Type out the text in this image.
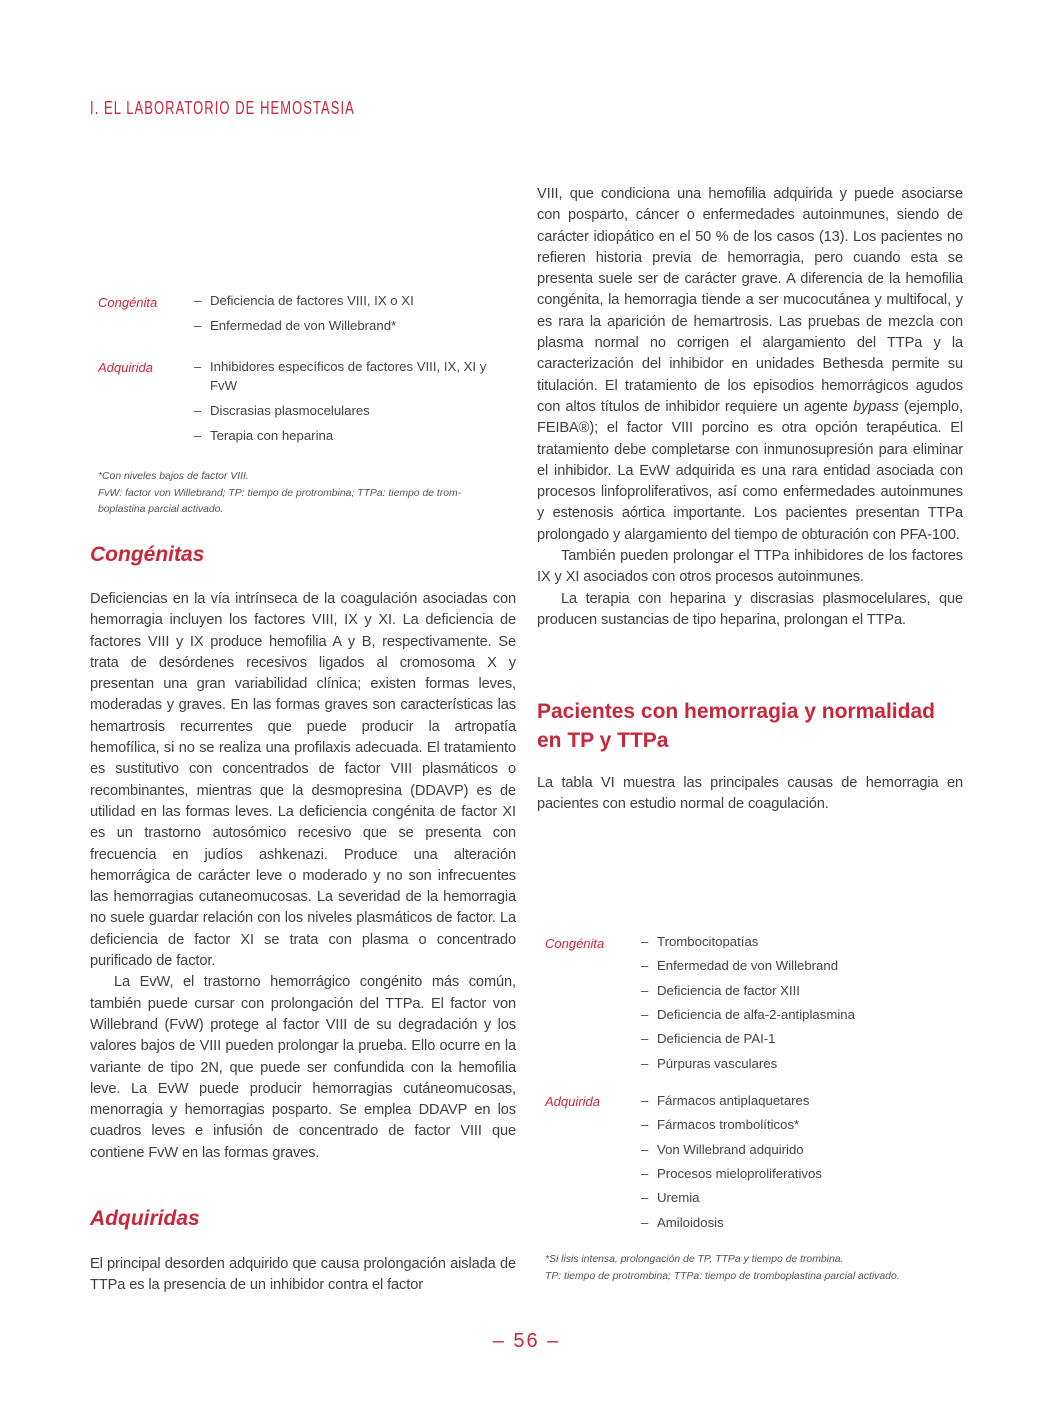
I. EL LABORATORIO DE HEMOSTASIA
Congénita	– Deficiencia de factores VIII, IX o XI
– Enfermedad de von Willebrand*
Adquirida	– Inhibidores específicos de factores VIII, IX, XI y
FvW
– Discrasias plasmocelulares
– Terapia con heparina
*Con niveles bajos de factor VIII.
FvW: factor von Willebrand; TP: tiempo de protrombina; TTPa: tiempo de trom-
boplastina parcial activado.
Congénitas

Deficiencias en la vía intrínseca de la coagulación asociadas con hemorragia incluyen los factores VIII, IX y XI. La deficiencia de factores VIII y IX produce hemofilia A y B, respectivamente. Se trata de desórdenes recesivos ligados al cromosoma X y presentan una gran variabilidad clínica; existen formas leves, moderadas y graves. En las formas graves son características las hemartrosis recurrentes que puede producir la artropatía hemofílica, si no se realiza una profilaxis adecuada. El tratamiento es sustitutivo con concentrados de factor VIII plasmáticos o recombinantes, mientras que la desmopresina (DDAVP) es de utilidad en las formas leves. La deficiencia congénita de factor XI es un trastorno autosómico recesivo que se presenta con frecuencia en judíos ashkenazi. Produce una alteración hemorrágica de carácter leve o moderado y no son infrecuentes las hemorragias cutaneomucosas. La severidad de la hemorragia no suele guardar relación con los niveles plasmáticos de factor. La deficiencia de factor XI se trata con plasma o concentrado purificado de factor.

La EvW, el trastorno hemorrágico congénito más común, también puede cursar con prolongación del TTPa. El factor von Willebrand (FvW) protege al factor VIII de su degradación y los valores bajos de VIII pueden prolongar la prueba. Ello ocurre en la variante de tipo 2N, que puede ser confundida con la hemofilia leve. La EvW puede producir hemorragias cutáneomucosas, menorragia y hemorragias posparto. Se emplea DDAVP en los cuadros leves e infusión de concentrado de factor VIII que contiene FvW en las formas graves.

Adquiridas

El principal desorden adquirido que causa prolongación aislada de TTPa es la presencia de un inhibidor contra el factor

VIII, que condiciona una hemofilia adquirida y puede asociarse con posparto, cáncer o enfermedades autoinmunes, siendo de carácter idiopático en el 50 % de los casos (13). Los pacientes no refieren historia previa de hemorragia, pero cuando esta se presenta suele ser de carácter grave. A diferencia de la hemofilia congénita, la hemorragia tiende a ser mucocutánea y multifocal, y es rara la aparición de hemartrosis. Las pruebas de mezcla con plasma normal no corrigen el alargamiento del TTPa y la caracterización del inhibidor en unidades Bethesda permite su titulación. El tratamiento de los episodios hemorrágicos agudos con altos títulos de inhibidor requiere un agente bypass (ejemplo, FEIBA®); el factor VIII porcino es otra opción terapéutica. El tratamiento debe completarse con inmunosupresión para eliminar el inhibidor. La EvW adquirida es una rara entidad asociada con procesos linfoproliferativos, así como enfermedades autoinmunes y estenosis aórtica importante. Los pacientes presentan TTPa prolongado y alargamiento del tiempo de obturación con PFA-100.

También pueden prolongar el TTPa inhibidores de los factores IX y XI asociados con otros procesos autoinmunes.

La terapia con heparina y discrasias plasmocelulares, que producen sustancias de tipo heparina, prolongan el TTPa.

Pacientes con hemorragia y normalidad en TP y TTPa

La tabla VI muestra las principales causas de hemorragia en pacientes con estudio normal de coagulación.

Congénita	– Trombocitopatías
– Enfermedad de von Willebrand
– Deficiencia de factor XIII
– Deficiencia de alfa-2-antiplasmina
– Deficiencia de PAI-1
– Púrpuras vasculares
Adquirida	– Fármacos antiplaquetares
– Fármacos trombolíticos*
– Von Willebrand adquirido
– Procesos mieloproliferativos
– Uremia
– Amiloidosis
*Si lisis intensa, prolongación de TP, TTPa y tiempo de trombina.
TP: tiempo de protrombina; TTPa: tiempo de tromboplastina parcial activado.
– 56 –
